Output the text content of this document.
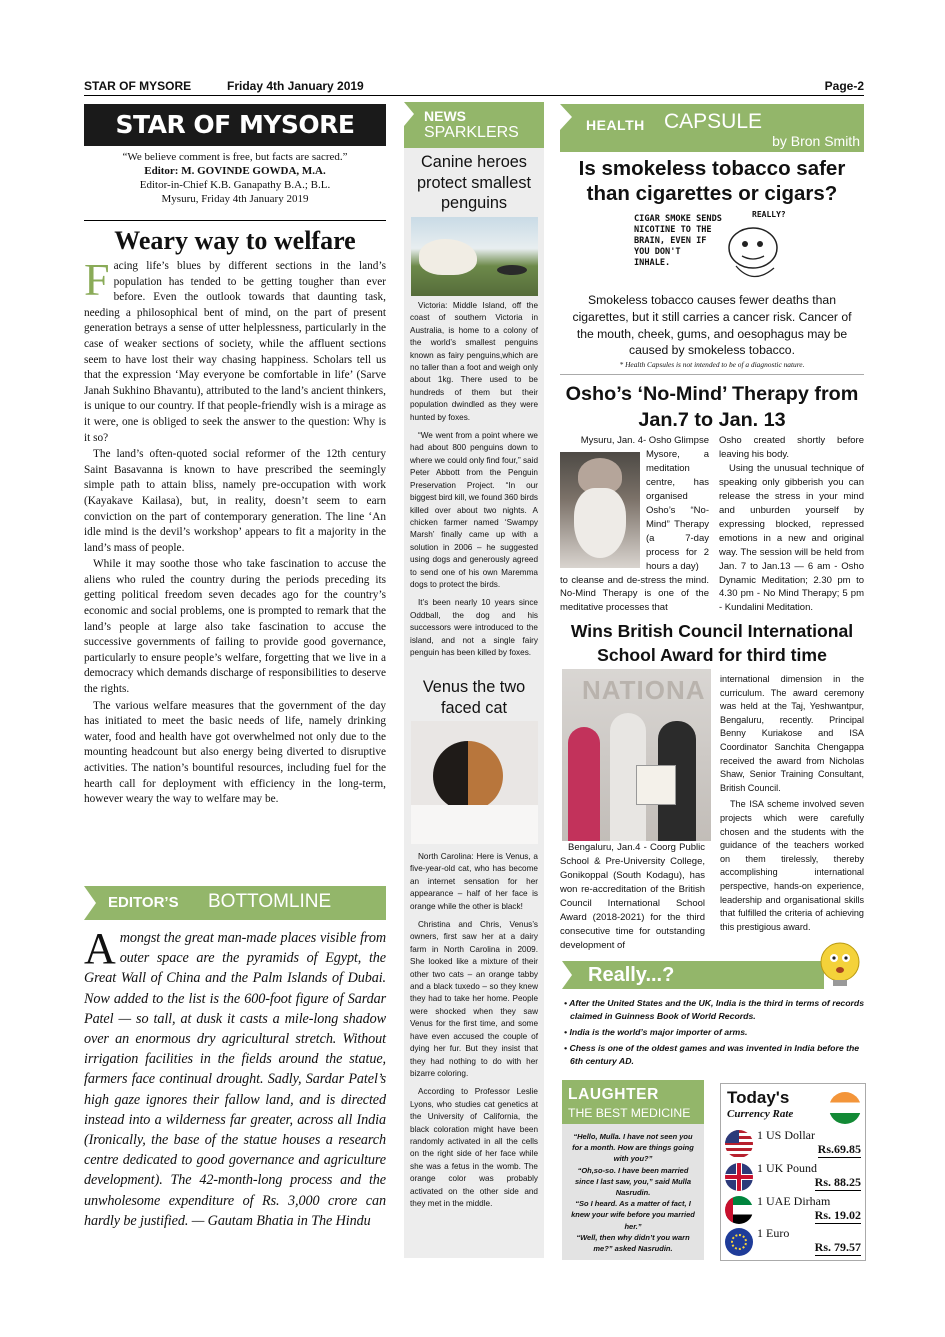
STAR OF MYSORE	Friday 4th January 2019	Page-2
STAR OF MYSORE
“We believe comment is free, but facts are sacred.”
Editor: M. GOVINDE GOWDA, M.A.
Editor-in-Chief K.B. Ganapathy B.A.; B.L.
Mysuru, Friday 4th January 2019
Weary way to welfare

Facing life’s blues by different sections in the land’s population has tended to be getting tougher than ever before. Even the outlook towards that daunting task, needing a philosophical bent of mind, on the part of present generation betrays a sense of utter helplessness, particularly in the case of weaker sections of society, while the affluent sections seem to have lost their way chasing happiness. Scholars tell us that the expression ‘May everyone be comfortable in life’ (Sarve Janah Sukhino Bhavantu), attributed to the land’s ancient thinkers, is unique to our country. If that people-friendly wish is a mirage as it were, one is obliged to seek the answer to the question: Why is it so?

The land’s often-quoted social reformer of the 12th century Saint Basavanna is known to have prescribed the seemingly simple path to attain bliss, namely pre-occupation with work (Kayakave Kailasa), but, in reality, doesn’t seem to earn conviction on the part of contemporary generation. The line ‘An idle mind is the devil’s workshop’ appears to fit a majority in the land’s mass of people.

While it may soothe those who take fascination to accuse the aliens who ruled the country during the periods preceding its getting political freedom seven decades ago for the country’s economic and social problems, one is prompted to remark that the land’s people at large also take fascination to accuse the successive governments of failing to provide good governance, particularly to ensure people’s welfare, forgetting that we live in a democracy which demands discharge of responsibilities to deserve the rights.

The various welfare measures that the government of the day has initiated to meet the basic needs of life, namely drinking water, food and health have got overwhelmed not only due to the mounting headcount but also energy being diverted to disruptive activities. The nation’s bountiful resources, including fuel for the hearth call for deployment with efficiency in the long-term, however weary the way to welfare may be.

EDITOR’S BOTTOMLINE
Amongst the great man-made places visible from outer space are the pyramids of Egypt, the Great Wall of China and the Palm Islands of Dubai. Now added to the list is the 600-foot figure of Sardar Patel — so tall, at dusk it casts a mile-long shadow over an enormous dry agricultural stretch. Without irrigation facilities in the fields around the statue, farmers face continual drought. Sadly, Sardar Patel’s high gaze ignores their fallow land, and is directed instead into a wilderness far greater, across all India (Ironically, the base of the statue houses a research centre dedicated to good governance and agriculture development). The 42-month-long process and the unwholesome expenditure of Rs. 3,000 crore can hardly be justified. — Gautam Bhatia in The Hindu
NEWS
SPARKLERS
Canine heroes protect smallest penguins

Victoria: Middle Island, off the coast of southern Victoria in Australia, is home to a colony of the world’s smallest penguins known as fairy penguins,which are no taller than a foot and weigh only about 1kg. There used to be hundreds of them but their population dwindled as they were hunted by foxes.

“We went from a point where we had about 800 penguins down to where we could only find four,” said Peter Abbott from the Penguin Preservation Project. “In our biggest bird kill, we found 360 birds killed over about two nights. A chicken farmer named ‘Swampy Marsh’ finally came up with a solution in 2006 – he suggested using dogs and generously agreed to send one of his own Maremma dogs to protect the birds.

It’s been nearly 10 years since Oddball, the dog and his successors were introduced to the island, and not a single fairy penguin has been killed by foxes.

Venus the two faced cat

North Carolina: Here is Venus, a five-year-old cat, who has become an internet sensation for her appearance – half of her face is orange while the other is black!

Christina and Chris, Venus’s owners, first saw her at a dairy farm in North Carolina in 2009. She looked like a mixture of their other two cats – an orange tabby and a black tuxedo – so they knew they had to take her home. People were shocked when they saw Venus for the first time, and some have even accused the couple of dying her fur. But they insist that they had nothing to do with her bizarre coloring.

According to Professor Leslie Lyons, who studies cat genetics at the University of California, the black coloration might have been randomly activated in all the cells on the right side of her face while she was a fetus in the womb. The orange color was probably activated on the other side and they met in the middle.

HEALTH CAPSULE
by Bron Smith
Is smokeless tobacco safer than cigarettes or cigars?
CIGAR SMOKE SENDS
NICOTINE TO THE
BRAIN, EVEN IF
YOU DON'T
INHALE.
REALLY?
Smokeless tobacco causes fewer deaths than cigarettes, but it still carries a cancer risk. Cancer of the mouth, cheek, gums, and oesophagus may be caused by smokeless tobacco.
* Health Capsules is not intended to be of a diagnostic nature.
Osho’s ‘No-Mind’ Therapy from Jan.7 to Jan. 13
Mysuru, Jan. 4- Osho Glimpse
Mysore, a meditation centre, has organised Osho’s “No-Mind” Therapy (a 7-day process for 2 hours a day)
to cleanse and de-stress the mind. No-Mind Therapy is one of the meditative processes that

Osho created shortly before leaving his body.

Using the unusual technique of speaking only gibberish you can release the stress in your mind and unburden yourself by expressing blocked, repressed emotions in a new and original way. The session will be held from Jan. 7 to Jan.13 — 6 am - Osho Dynamic Meditation; 2.30 pm to 4.30 pm - No Mind Therapy; 5 pm - Kundalini Meditation.

Wins British Council International School Award for third time
NATIONA
Bengaluru, Jan.4 - Coorg Public School & Pre-University College, Gonikoppal (South Kodagu), has won re-accreditation of the British Council International School Award (2018-2021) for the third consecutive time for outstanding development of

international dimension in the curriculum. The award ceremony was held at the Taj, Yeshwantpur, Bengaluru, recently. Principal Benny Kuriakose and ISA Coordinator Sanchita Chengappa received the award from Nicholas Shaw, Senior Training Consultant, British Council.

The ISA scheme involved seven projects which were carefully chosen and the students with the guidance of the teachers worked on them tirelessly, thereby accomplishing international perspective, hands-on experience, leadership and organisational skills that fulfilled the criteria of achieving this prestigious award.

Really...?
• After the United States and the UK, India is the third in terms of records claimed in Guinness Book of World Records.
• India is the world’s major importer of arms.
• Chess is one of the oldest games and was invented in India before the 6th century AD.
LAUGHTER
THE BEST MEDICINE
“Hello, Mulla. I have not seen you for a month. How are things going with you?”
“Oh,so-so. I have been married since I last saw, you,” said Mulla Nasrudin.
“So I heard. As a matter of fact, I knew your wife before you married her.”
“Well, then why didn’t you warn me?” asked Nasrudin.
Today's
Currency Rate
1 US Dollar
Rs.69.85
1 UK Pound
Rs. 88.25
1 UAE Dirham
Rs. 19.02
1 Euro
Rs. 79.57
